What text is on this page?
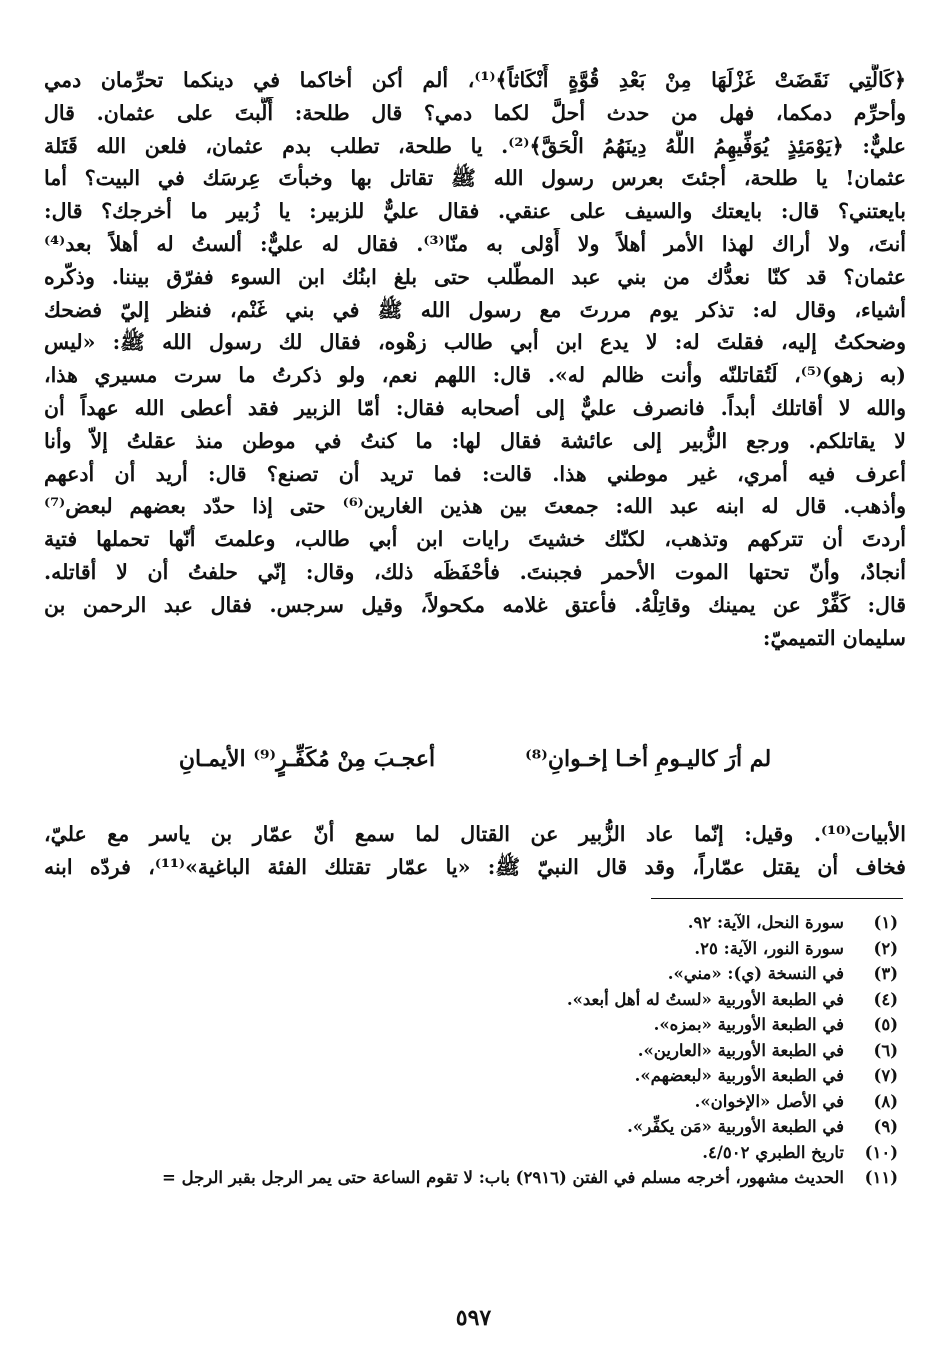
﴿كَالَّتِي نَقَضَتْ غَزْلَهَا مِنْ بَعْدِ قُوَّةٍ أَنْكَاثاً﴾⁽¹⁾، ألم أكن أخاكما في دينكما تحرِّمان دمي
وأحرِّم دمكما، فهل من حدث أحلَّ لكما دمي؟ قال طلحة: أَلَّبتَ على عثمان. قال
عليٌّ: ﴿يَوْمَئِذٍ يُوَفِّيهِمُ اللَّهُ دِينَهُمُ الْحَقَّ﴾⁽²⁾. يا طلحة، تطلب بدم عثمان، فلعن الله قَتَلة
عثمان! يا طلحة، أجئتَ بعرس رسول الله ﷺ تقاتل بها وخبأتَ عِرسَك في البيت؟ أما
بايعتني؟ قال: بايعتك والسيف على عنقي. فقال عليٌّ للزبير: يا زُبير ما أخرجك؟ قال:
أنتَ، ولا أراك لهذا الأمر أهلاً ولا أَوْلى به منّا⁽³⁾. فقال له عليٌّ: ألستُ له أهلاً بعد⁽⁴⁾
عثمان؟ قد كنّا نعدُّك من بني عبد المطّلب حتى بلغ ابنُك ابن السوء ففرّق بيننا. وذكّره
أشياء، وقال له: تذكر يوم مررتَ مع رسول الله ﷺ في بني غَنْم، فنظر إليّ فضحك
وضحكتُ إليه، فقلتَ له: لا يدع ابن أبي طالب زهْوه، فقال لك رسول الله ﷺ: «ليس
(به زهو)⁽⁵⁾، لَتُقاتلنّه وأنت ظالم له». قال: اللهم نعم، ولو ذكرتُ ما سرت مسيري هذا،
والله لا أقاتلك أبداً. فانصرف عليٌّ إلى أصحابه فقال: أمّا الزبير فقد أعطى الله عهداً أن
لا يقاتلكم. ورجع الزُّبير إلى عائشة فقال لها: ما كنتُ في موطن منذ عقلتُ إلاّ وأنا
أعرف فيه أمري، غير موطني هذا. قالت: فما تريد أن تصنع؟ قال: أريد أن أدعهم
وأذهب. قال له ابنه عبد الله: جمعتَ بين هذين الغارين⁽⁶⁾ حتى إذا حدّد بعضهم لبعض⁽⁷⁾
أردتَ أن تتركهم وتذهب، لكنّك خشيتَ رايات ابن أبي طالب، وعلمتَ أنّها تحملها فتية
أنجادٌ، وأنّ تحتها الموت الأحمر فجبنتَ. فأحْفَظَه ذلك، وقال: إنّي حلفتُ أن لا أقاتله.
قال: كَفِّرْ عن يمينك وقاتِلْهُ. فأعتق غلامه مكحولاً، وقيل سرجس. فقال عبد الرحمن بن
سليمان التميميّ:
لم أرَ كاليـومِ أخـا إخـوانِ⁽⁸⁾
أعجـبَ مِنْ مُكَفِّـرٍ⁽⁹⁾ الأيمـانِ
الأبيات⁽¹⁰⁾. وقيل: إنّما عاد الزُّبير عن القتال لما سمع أنّ عمّار بن ياسر مع عليّ،
فخاف أن يقتل عمّاراً، وقد قال النبيّ ﷺ: «يا عمّار تقتلك الفئة الباغية»⁽¹¹⁾، فردّه ابنه
(١)
سورة النحل، الآية: ٩٢.
(٢)
سورة النور، الآية: ٢٥.
(٣)
في النسخة (ي): «مني».
(٤)
في الطبعة الأوربية «لستُ له أهل أبعد».
(٥)
في الطبعة الأوربية «بمزه».
(٦)
في الطبعة الأوربية «العارين».
(٧)
في الطبعة الأوربية «لبعضهم».
(٨)
في الأصل «الإخوان».
(٩)
في الطبعة الأوربية «مَن يكفِّر».
(١٠)
تاريخ الطبري ٤/٥٠٢.
(١١)
الحديث مشهور، أخرجه مسلم في الفتن (٢٩١٦) باب: لا تقوم الساعة حتى يمر الرجل بقبر الرجل =
٥٩٧
